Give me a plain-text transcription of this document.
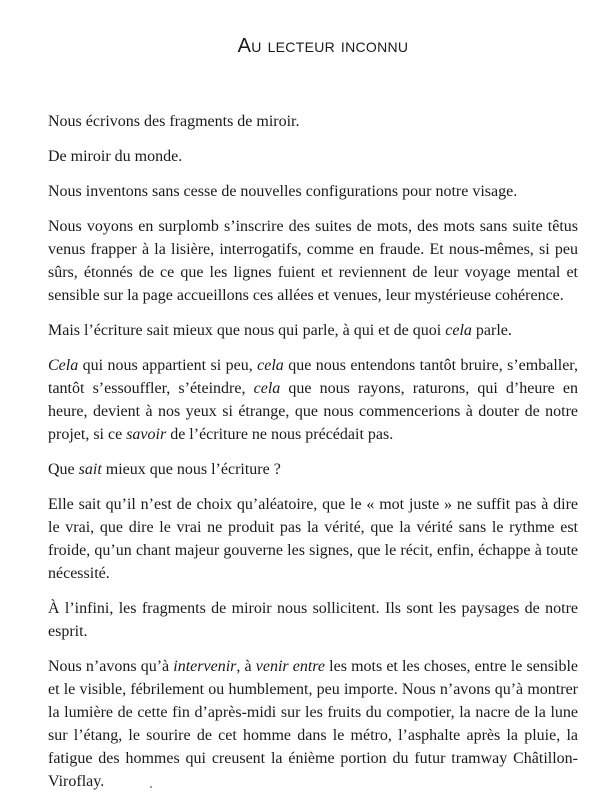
Au lecteur inconnu

Nous écrivons des fragments de miroir.

De miroir du monde.

Nous inventons sans cesse de nouvelles configurations pour notre visage.

Nous voyons en surplomb s’inscrire des suites de mots, des mots sans suite têtus venus frapper à la lisière, interrogatifs, comme en fraude. Et nous-mêmes, si peu sûrs, étonnés de ce que les lignes fuient et reviennent de leur voyage mental et sensible sur la page accueillons ces allées et venues, leur mystérieuse cohérence.

Mais l’écriture sait mieux que nous qui parle, à qui et de quoi cela parle.

Cela qui nous appartient si peu, cela que nous entendons tantôt bruire, s’emballer, tantôt s’essouffler, s’éteindre, cela que nous rayons, raturons, qui d’heure en heure, devient à nos yeux si étrange, que nous commencerions à douter de notre projet, si ce savoir de l’écriture ne nous précédait pas.

Que sait mieux que nous l’écriture ?

Elle sait qu’il n’est de choix qu’aléatoire, que le « mot juste » ne suffit pas à dire le vrai, que dire le vrai ne produit pas la vérité, que la vérité sans le rythme est froide, qu’un chant majeur gouverne les signes, que le récit, enfin, échappe à toute nécessité.

À l’infini, les fragments de miroir nous sollicitent. Ils sont les paysages de notre esprit.

Nous n’avons qu’à intervenir, à venir entre les mots et les choses, entre le sensible et le visible, fébrilement ou humblement, peu importe. Nous n’avons qu’à montrer la lumière de cette fin d’après-midi sur les fruits du compotier, la nacre de la lune sur l’étang, le sourire de cet homme dans le métro, l’asphalte après la pluie, la fatigue des hommes qui creusent la énième portion du futur tramway Châtillon-Viroflay.
